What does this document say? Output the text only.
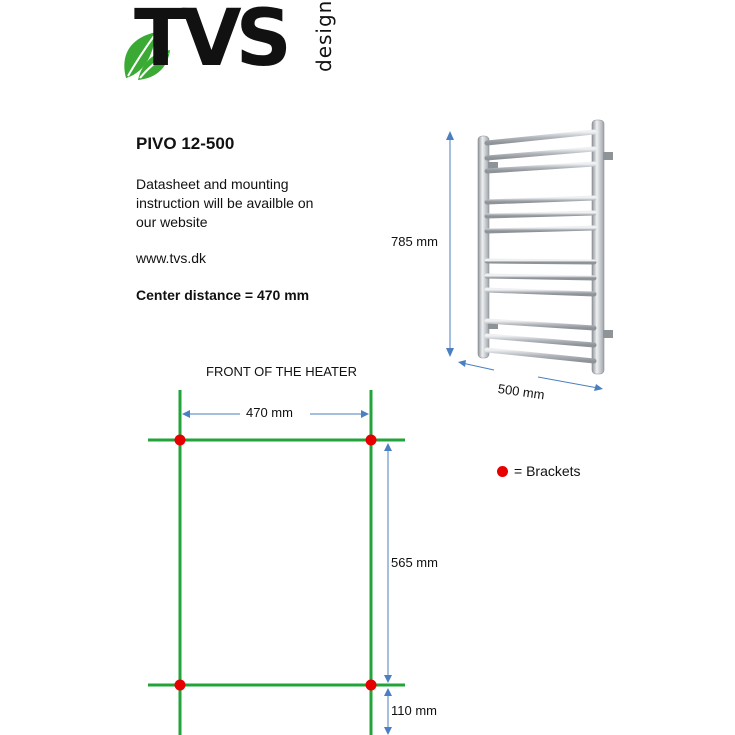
TVS design
PIVO 12-500
Datasheet and mounting
instruction will be availble on
our website
www.tvs.dk
Center distance = 470 mm
785 mm
500 mm
FRONT OF THE HEATER
470 mm
565 mm
110 mm
= Brackets
